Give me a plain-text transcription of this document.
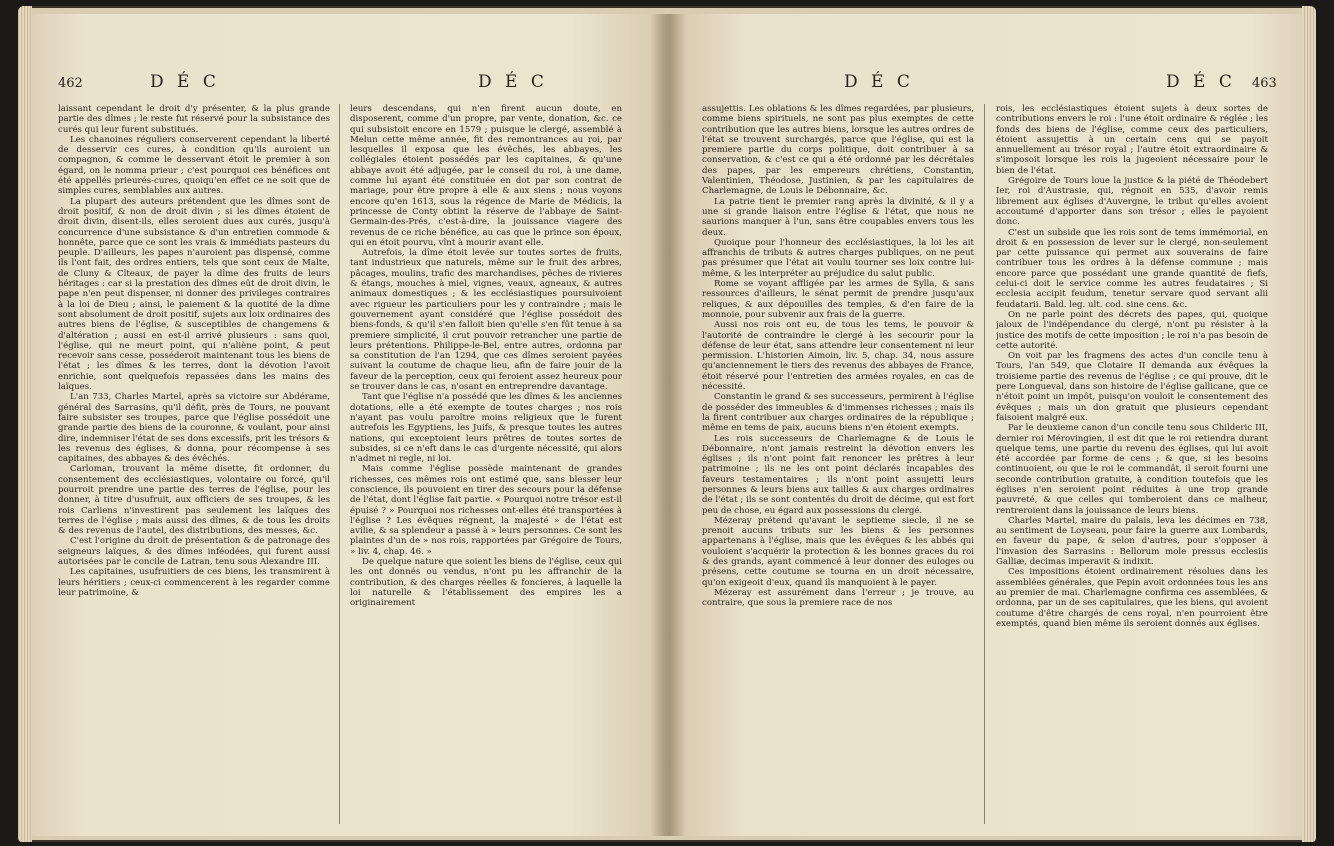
462	D É C	D É C

laissant cependant le droit d'y présenter, & la plus grande partie des dîmes ; le reste fut réservé pour la subsistance des curés qui leur furent substitués.

Les chanoines réguliers conserverent cependant la liberté de desservir ces cures, à condition qu'ils auroient un compagnon, & comme le desservant étoit le premier à son égard, on le nomma prieur ; c'est pourquoi ces bénéfices ont été appellés prieurés-cures, quoiqu'en effet ce ne soit que de simples cures, semblables aux autres.

La plupart des auteurs prétendent que les dîmes sont de droit positif, & non de droit divin ; si les dîmes étoient de droit divin, disent-ils, elles seroient dues aux curés, jusqu'à concurrence d'une subsistance & d'un entretien commode & honnête, parce que ce sont les vrais & immédiats pasteurs du peuple. D'ailleurs, les papes n'auroient pas dispensé, comme ils l'ont fait, des ordres entiers, tels que sont ceux de Malte, de Cluny & Cîteaux, de payer la dîme des fruits de leurs héritages : car si la prestation des dîmes eût de droit divin, le pape n'en peut dispenser, ni donner des privileges contraires à la loi de Dieu ; ainsi, le paiement & la quotité de la dîme sont absolument de droit positif, sujets aux loix ordinaires des autres biens de l'église, & susceptibles de changemens & d'altération ; aussi en est-il arrivé plusieurs : sans quoi, l'église, qui ne meurt point, qui n'aliène point, & peut recevoir sans cesse, posséderoit maintenant tous les biens de l'état ; les dîmes & les terres, dont la dévotion l'avoit enrichie, sont quelquefois repassées dans les mains des laïques.

L'an 733, Charles Martel, après sa victoire sur Abdérame, général des Sarrasins, qu'il défit, près de Tours, ne pouvant faire subsister ses troupes, parce que l'église possédoit une grande partie des biens de la couronne, & voulant, pour ainsi dire, indemniser l'état de ses dons excessifs, prit les trésors & les revenus des églises, & donna, pour récompense à ses capitaines, des abbayes & des évêchés.

Carloman, trouvant la même disette, fit ordonner, du consentement des ecclésiastiques, volontaire ou forcé, qu'il pourroit prendre une partie des terres de l'église, pour les donner, à titre d'usufruit, aux officiers de ses troupes, & les rois Carliens n'investirent pas seulement les laïques des terres de l'église ; mais aussi des dîmes, & de tous les droits & des revenus de l'autel, des distributions, des messes, &c.

C'est l'origine du droit de présentation & de patronage des seigneurs laïques, & des dîmes inféodées, qui furent aussi autorisées par le concile de Latran, tenu sous Alexandre III.

Les capitaines, usufruitiers de ces biens, les transmirent à leurs héritiers ; ceux-ci commencerent à les regarder comme leur patrimoine, &

leurs descendans, qui n'en firent aucun doute, en disposerent, comme d'un propre, par vente, donation, &c. ce qui subsistoit encore en 1579 ; puisque le clergé, assemblé à Melun cette même année, fit des remontrances au roi, par lesquelles il exposa que les évêchés, les abbayes, les collégiales étoient possédés par les capitaines, & qu'une abbaye avoit été adjugée, par le conseil du roi, à une dame, comme lui ayant été constituée en dot par son contrat de mariage, pour être propre à elle & aux siens ; nous voyons encore qu'en 1613, sous la régence de Marie de Médicis, la princesse de Conty obtint la réserve de l'abbaye de Saint-Germain-des-Prés, c'est-à-dire, la jouissance viagere des revenus de ce riche bénéfice, au cas que le prince son époux, qui en étoit pourvu, vînt à mourir avant elle.

Autrefois, la dîme étoit levée sur toutes sortes de fruits, tant industrieux que naturels, même sur le fruit des arbres, pâcages, moulins, trafic des marchandises, pêches de rivieres & étangs, mouches à miel, vignes, veaux, agneaux, & autres animaux domestiques ; & les ecclésiastiques poursuivoient avec rigueur les particuliers pour les y contraindre ; mais le gouvernement ayant considéré que l'église possédoit des biens-fonds, & qu'il s'en falloit bien qu'elle s'en fût tenue à sa premiere simplicité, il crut pouvoir retrancher une partie de leurs prétentions. Philippe-le-Bel, entre autres, ordonna par sa constitution de l'an 1294, que ces dîmes seroient payées suivant la coutume de chaque lieu, afin de faire jouir de la faveur de la perception, ceux qui feroient assez heureux pour se trouver dans le cas, n'osant en entreprendre davantage.

Tant que l'église n'a possédé que les dîmes & les anciennes dotations, elle a été exempte de toutes charges ; nos rois n'ayant pas voulu paroître moins religieux que le furent autrefois les Egyptiens, les Juifs, & presque toutes les autres nations, qui exceptoient leurs prêtres de toutes sortes de subsides, si ce n'eft dans le cas d'urgente nécessité, qui alors n'admet ni regle, ni loi.

Mais comme l'église possède maintenant de grandes richesses, ces mêmes rois ont estimé que, sans blesser leur conscience, ils pouvoient en tirer des secours pour la défense de l'état, dont l'église fait partie. « Pourquoi notre trésor est-il épuisé ? » Pourquoi nos richesses ont-elles été transportées à l'église ? Les évêques régnent, la majesté » de l'état est avilie, & sa splendeur a passé à » leurs personnes. Ce sont les plaintes d'un de » nos rois, rapportées par Grégoire de Tours, » liv. 4, chap. 46. »

De quelque nature que soient les biens de l'église, ceux qui les ont donnés ou vendus, n'ont pu les affranchir de la contribution, & des charges réelles & foncieres, à laquelle la loi naturelle & l'établissement des empires les a originairement

D É C	D É C 463

assujettis. Les oblations & les dîmes regardées, par plusieurs, comme biens spirituels, ne sont pas plus exemptes de cette contribution que les autres biens, lorsque les autres ordres de l'état se trouvent surchargés, parce que l'église, qui est la premiere partie du corps politique, doit contribuer à sa conservation, & c'est ce qui a été ordonné par les décrétales des papes, par les empereurs chrétiens, Constantin, Valentinien, Théodose, Justinien, & par les capitulaires de Charlemagne, de Louis le Débonnaire, &c.

La patrie tient le premier rang après la divinité, & il y a une si grande liaison entre l'église & l'état, que nous ne saurions manquer à l'un, sans être coupables envers tous les deux.

Quoique pour l'honneur des ecclésiastiques, la loi les ait affranchis de tributs & autres charges publiques, on ne peut pas présumer que l'état ait voulu tourner ses loix contre lui-même, & les interpréter au préjudice du salut public.

Rome se voyant affligée par les armes de Sylla, & sans ressources d'ailleurs, le sénat permit de prendre jusqu'aux reliques, & aux dépouilles des temples, & d'en faire de la monnoie, pour subvenir aux frais de la guerre.

Aussi nos rois ont eu, de tous les tems, le pouvoir & l'autorité de contraindre le clergé à les secourir pour la défense de leur état, sans attendre leur consentement ni leur permission. L'historien Aimoin, liv. 5, chap. 34, nous assure qu'anciennement le tiers des revenus des abbayes de France, étoit réservé pour l'entretien des armées royales, en cas de nécessité.

Constantin le grand & ses successeurs, permirent à l'église de posséder des immeubles & d'immenses richesses ; mais ils la firent contribuer aux charges ordinaires de la république ; même en tems de paix, aucuns biens n'en étoient exempts.

Les rois successeurs de Charlemagne & de Louis le Débonnaire, n'ont jamais restreint la dévotion envers les églises ; ils n'ont point fait renoncer les prêtres à leur patrimoine ; ils ne les ont point déclarés incapables des faveurs testamentaires ; ils n'ont point assujetti leurs personnes & leurs biens aux tailles & aux charges ordinaires de l'état ; ils se sont contentés du droit de décime, qui est fort peu de chose, eu égard aux possessions du clergé.

Mézeray prétend qu'avant le septieme siecle, il ne se prenoit aucuns tributs sur les biens & les personnes appartenans à l'église, mais que les évêques & les abbés qui vouloient s'acquérir la protection & les bonnes graces du roi & des grands, ayant commencé à leur donner des euloges ou présens, cette coutume se tourna en un droit nécessaire, qu'on exigeoit d'eux, quand ils manquoient à le payer.

Mézeray est assurément dans l'erreur ; je trouve, au contraire, que sous la premiere race de nos

rois, les ecclésiastiques étoient sujets à deux sortes de contributions envers le roi : l'une étoit ordinaire & réglée ; les fonds des biens de l'église, comme ceux des particuliers, étoient assujettis à un certain cens qui se payoit annuellement au trésor royal ; l'autre étoit extraordinaire & s'imposoit lorsque les rois la jugeoient nécessaire pour le bien de l'état.

Grégoire de Tours loue la justice & la piété de Théodebert Ier, roi d'Austrasie, qui, régnoit en 535, d'avoir remis librement aux églises d'Auvergne, le tribut qu'elles avoient accoutumé d'apporter dans son trésor ; elles le payoient donc.

C'est un subside que les rois sont de tems immémorial, en droit & en possession de lever sur le clergé, non-seulement par cette puissance qui permet aux souverains de faire contribuer tous les ordres à la défense commune ; mais encore parce que possédant une grande quantité de fiefs, celui-ci doit le service comme les autres feudataires ; Si ecclesia accipit feudum, tenetur servare quod servant alii feudatarii. Bald. leg. ult. cod. sine cens. &c.

On ne parle point des décrets des papes, qui, quoique jaloux de l'indépendance du clergé, n'ont pu résister à la justice des motifs de cette imposition ; le roi n'a pas besoin de cette autorité.

On voit par les fragmens des actes d'un concile tenu à Tours, l'an 549, que Clotaire II demanda aux évêques la troisieme partie des revenus de l'église ; ce qui prouve, dit le pere Longueval, dans son histoire de l'église gallicane, que ce n'étoit point un impôt, puisqu'on vouloit le consentement des évêques ; mais un don gratuit que plusieurs cependant faisoient malgré eux.

Par le deuxieme canon d'un concile tenu sous Childeric III, dernier roi Mérovingien, il est dit que le roi retiendra durant quelque tems, une partie du revenu des églises, qui lui avoit été accordée par forme de cens ; & que, si les besoins continuoient, ou que le roi le commandât, il seroit fourni une seconde contribution gratuite, à condition toutefois que les églises n'en seroient point réduites à une trop grande pauvreté, & que celles qui tomberoient dans ce malheur, rentreroient dans la jouissance de leurs biens.

Charles Martel, maire du palais, leva les décimes en 738, au sentiment de Loyseau, pour faire la guerre aux Lombards, en faveur du pape, & selon d'autres, pour s'opposer à l'invasion des Sarrasins : Bellorum mole pressus ecclesiis Galliæ, decimas imperavit & indixit.

Ces impositions étoient ordinairement résolues dans les assemblées générales, que Pepin avoit ordonnées tous les ans au premier de mai. Charlemagne confirma ces assemblées, & ordonna, par un de ses capitulaires, que les biens, qui avoient coutume d'être chargés de cens royal, n'en pourroient être exemptés, quand bien même ils seroient donnés aux églises.
